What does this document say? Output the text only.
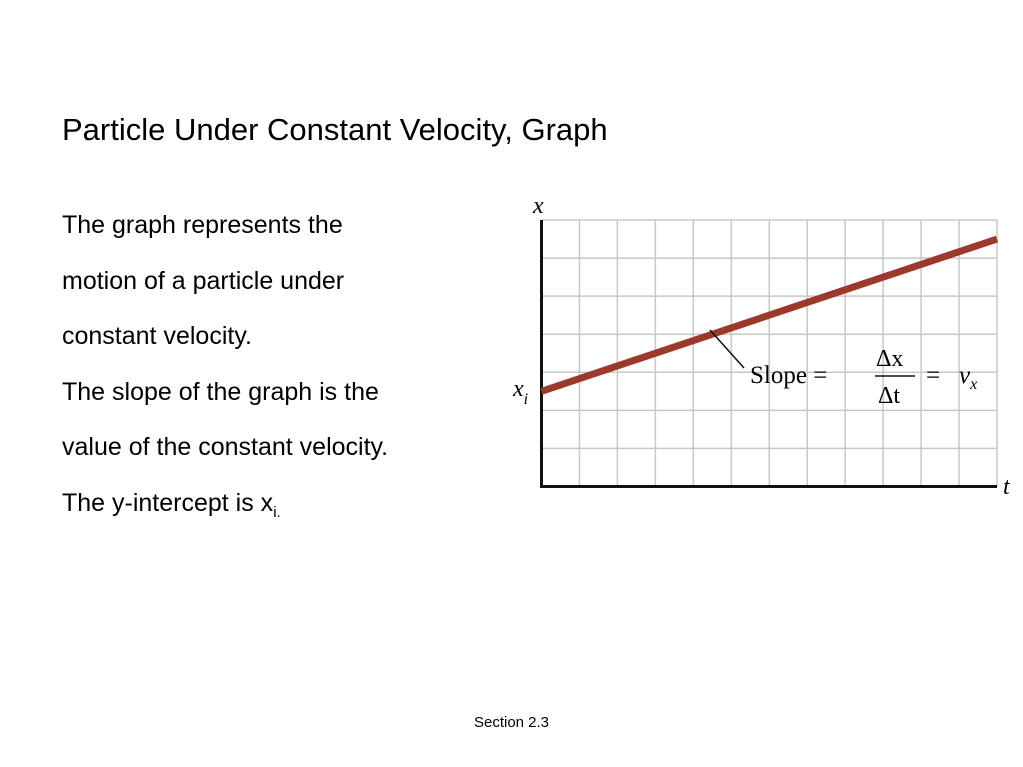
Particle Under Constant Velocity, Graph

The graph represents the

motion of a particle under

constant velocity.

The slope of the graph is the

value of the constant velocity.

The y-intercept is $x_{i.}$

x
t
$x_i$
Slope =
Δx
Δt
= $v_x$
Section 2.3
